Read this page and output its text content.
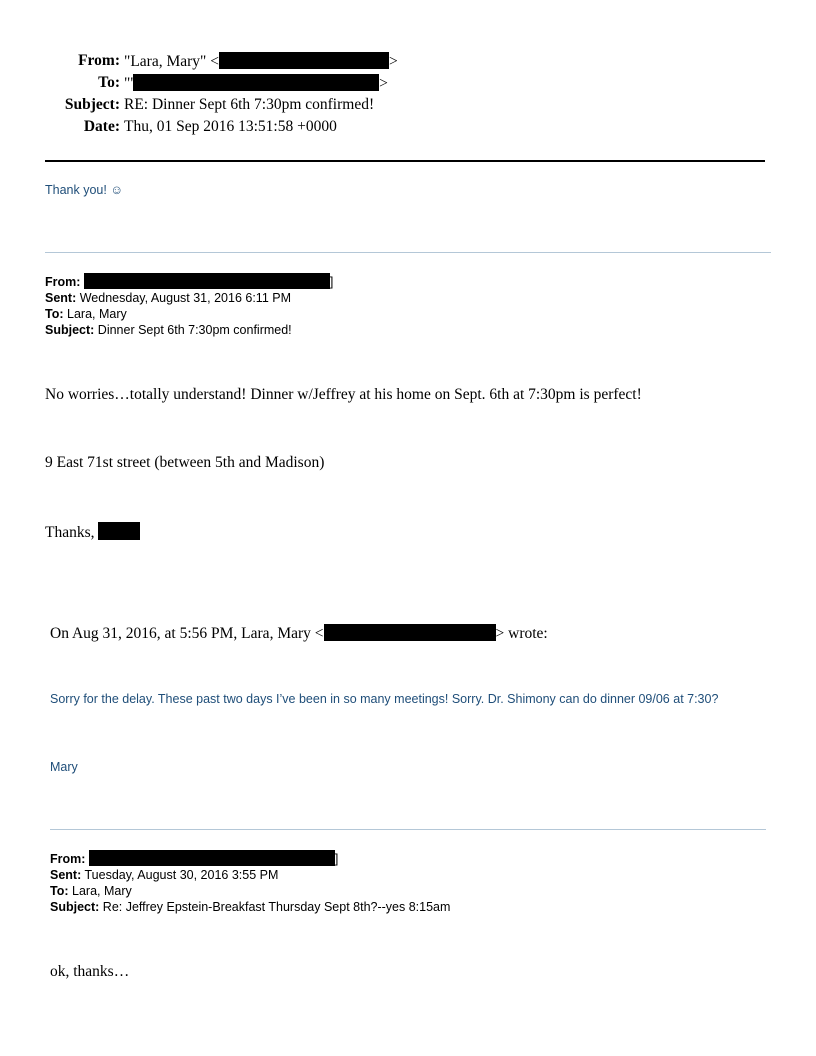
From: "Lara, Mary" <	>
To: "'	>
Subject: RE: Dinner Sept 6th 7:30pm confirmed!
Date: Thu, 01 Sep 2016 13:51:58 +0000
Thank you! ☺
From:	]
Sent: Wednesday, August 31, 2016 6:11 PM
To: Lara, Mary
Subject: Dinner Sept 6th 7:30pm confirmed!
No worries…totally understand! Dinner w/Jeffrey at his home on Sept. 6th at 7:30pm is perfect!
9 East 71st street (between 5th and Madison)
Thanks,
On Aug 31, 2016, at 5:56 PM, Lara, Mary <	> wrote:
Sorry for the delay. These past two days I’ve been in so many meetings! Sorry. Dr. Shimony can do dinner 09/06 at 7:30?
Mary
From:	]
Sent: Tuesday, August 30, 2016 3:55 PM
To: Lara, Mary
Subject: Re: Jeffrey Epstein-Breakfast Thursday Sept 8th?--yes 8:15am
ok, thanks…
